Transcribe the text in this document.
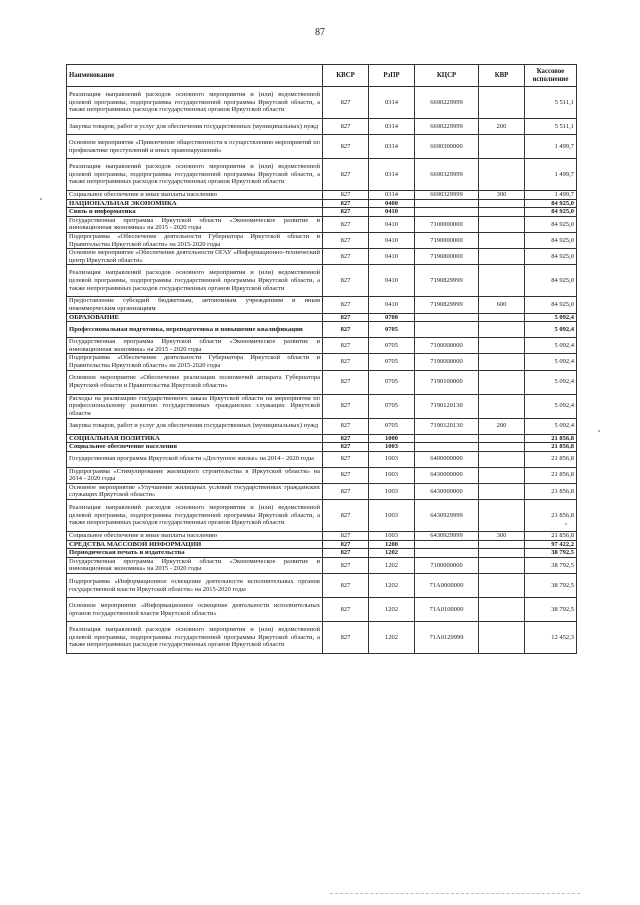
87
Наименование	КВСР	РзПР	КЦСР	КВР	Кассовое исполнение
Реализация направлений расходов основного мероприятия и (или) ведомственной целевой программы, подпрограммы государственной программы Иркутской области, а также непрограммных расходов государственных органов Иркутской области	827	0314	6690229999		5 511,1
Закупка товаров, работ и услуг для обеспечения государственных (муниципальных) нужд	827	0314	6690229999	200	5 511,1
Основное мероприятие «Привлечение общественности к осуществлению мероприятий по профилактике преступлений и иных правонарушений»	827	0314	6690300000		1 499,7
Реализация направлений расходов основного мероприятия и (или) ведомственной целевой программы, подпрограммы государственной программы Иркутской области, а также непрограммных расходов государственных органов Иркутской области	827	0314	6690329999		1 499,7
Социальное обеспечение и иные выплаты населению	827	0314	6690329999	300	1 499,7
НАЦИОНАЛЬНАЯ ЭКОНОМИКА	827	0400			84 925,0
Связь и информатика	827	0410			84 925,0
Государственная программа Иркутской области «Экономическое развитие и инновационная экономика» на 2015 - 2020 годы	827	0410	7100000000		84 925,0
Подпрограмма «Обеспечение деятельности Губернатора Иркутской области и Правительства Иркутской области» на 2015-2020 годы	827	0410	7190000000		84 925,0
Основное мероприятие «Обеспечение деятельности ОГАУ «Информационно-технический центр Иркутской области»	827	0410	7190800000		84 925,0
Реализация направлений расходов основного мероприятия и (или) ведомственной целевой программы, подпрограммы государственной программы Иркутской области, а также непрограммных расходов государственных органов Иркутской области	827	0410	7190829999		84 925,0
Предоставление субсидий бюджетным, автономным учреждениям и иным некоммерческим организациям	827	0410	7190829999	600	84 925,0
ОБРАЗОВАНИЕ	827	0700			5 092,4
Профессиональная подготовка, переподготовка и повышение квалификации	827	0705			5 092,4
Государственная программа Иркутской области «Экономическое развитие и инновационная экономика» на 2015 - 2020 годы	827	0705	7100000000		5 092,4
Подпрограмма «Обеспечение деятельности Губернатора Иркутской области и Правительства Иркутской области» на 2015-2020 годы	827	0705	7190000000		5 092,4
Основное мероприятие «Обеспечение реализации полномочий аппарата Губернатора Иркутской области и Правительства Иркутской области»	827	0705	7190100000		5 092,4
Расходы на реализацию государственного заказа Иркутской области на мероприятия по профессиональному развитию государственных гражданских служащих Иркутской области	827	0705	7190120130		5 092,4
Закупка товаров, работ и услуг для обеспечения государственных (муниципальных) нужд	827	0705	7190120130	200	5 092,4
СОЦИАЛЬНАЯ ПОЛИТИКА	827	1000			21 856,8
Социальное обеспечение населения	827	1003			21 856,8
Государственная программа Иркутской области «Доступное жилье» на 2014 - 2020 годы	827	1003	6400000000		21 856,8
Подпрограмма «Стимулирование жилищного строительства в Иркутской области» на 2014 - 2020 годы	827	1003	6430000000		21 856,8
Основное мероприятие «Улучшение жилищных условий государственных гражданских служащих Иркутской области»	827	1003	6430900000		21 856,8
Реализация направлений расходов основного мероприятия и (или) ведомственной целевой программы, подпрограммы государственной программы Иркутской области, а также непрограммных расходов государственных органов Иркутской области	827	1003	6430929999		21 856,8
Социальное обеспечение и иные выплаты населению	827	1003	6430929999	300	21 856,8
СРЕДСТВА МАССОВОЙ ИНФОРМАЦИИ	827	1200			97 422,2
Периодическая печать и издательства	827	1202			38 792,5
Государственная программа Иркутской области «Экономическое развитие и инновационная экономика» на 2015 - 2020 годы	827	1202	7100000000		38 792,5
Подпрограмма «Информационное освещение деятельности исполнительных органов государственной власти Иркутской области» на 2015-2020 годы	827	1202	71А0000000		38 792,5
Основное мероприятие «Информационное освещение деятельности исполнительных органов государственной власти Иркутской области»	827	1202	71А0100000		38 792,5
Реализация направлений расходов основного мероприятия и (или) ведомственной целевой программы, подпрограммы государственной программы Иркутской области, а также непрограммных расходов государственных органов Иркутской области	827	1202	71А0129999		12 452,3
